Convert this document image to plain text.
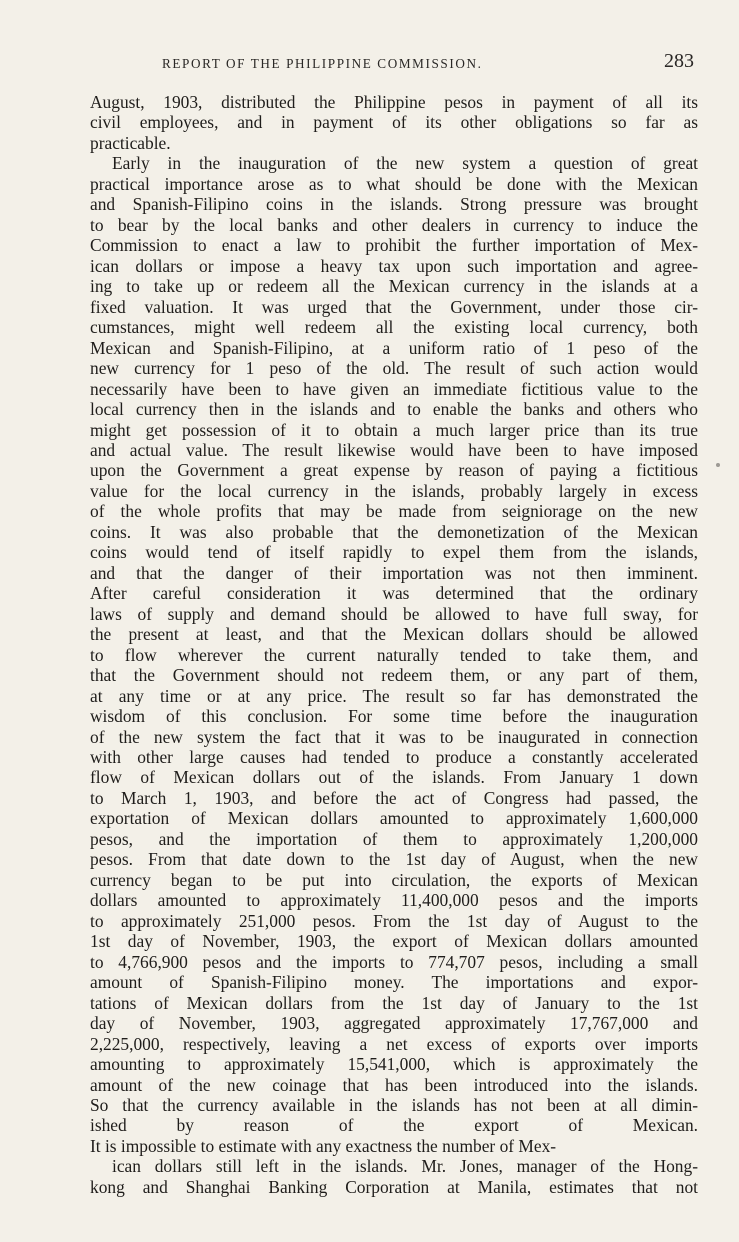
REPORT OF THE PHILIPPINE COMMISSION.	283
August, 1903, distributed the Philippine pesos in payment of all its
civil employees, and in payment of its other obligations so far as
practicable.
Early in the inauguration of the new system a question of great
practical importance arose as to what should be done with the Mexican
and Spanish-Filipino coins in the islands. Strong pressure was brought
to bear by the local banks and other dealers in currency to induce the
Commission to enact a law to prohibit the further importation of Mex-
ican dollars or impose a heavy tax upon such importation and agree-
ing to take up or redeem all the Mexican currency in the islands at a
fixed valuation. It was urged that the Government, under those cir-
cumstances, might well redeem all the existing local currency, both
Mexican and Spanish-Filipino, at a uniform ratio of 1 peso of the
new currency for 1 peso of the old. The result of such action would
necessarily have been to have given an immediate fictitious value to the
local currency then in the islands and to enable the banks and others who
might get possession of it to obtain a much larger price than its true
and actual value. The result likewise would have been to have imposed
upon the Government a great expense by reason of paying a fictitious
value for the local currency in the islands, probably largely in excess
of the whole profits that may be made from seigniorage on the new
coins. It was also probable that the demonetization of the Mexican
coins would tend of itself rapidly to expel them from the islands,
and that the danger of their importation was not then imminent.
After careful consideration it was determined that the ordinary
laws of supply and demand should be allowed to have full sway, for
the present at least, and that the Mexican dollars should be allowed
to flow wherever the current naturally tended to take them, and
that the Government should not redeem them, or any part of them,
at any time or at any price. The result so far has demonstrated the
wisdom of this conclusion. For some time before the inauguration
of the new system the fact that it was to be inaugurated in connection
with other large causes had tended to produce a constantly accelerated
flow of Mexican dollars out of the islands. From January 1 down
to March 1, 1903, and before the act of Congress had passed, the
exportation of Mexican dollars amounted to approximately 1,600,000
pesos, and the importation of them to approximately 1,200,000
pesos. From that date down to the 1st day of August, when the new
currency began to be put into circulation, the exports of Mexican
dollars amounted to approximately 11,400,000 pesos and the imports
to approximately 251,000 pesos. From the 1st day of August to the
1st day of November, 1903, the export of Mexican dollars amounted
to 4,766,900 pesos and the imports to 774,707 pesos, including a small
amount of Spanish-Filipino money. The importations and expor-
tations of Mexican dollars from the 1st day of January to the 1st
day of November, 1903, aggregated approximately 17,767,000 and
2,225,000, respectively, leaving a net excess of exports over imports
amounting to approximately 15,541,000, which is approximately the
amount of the new coinage that has been introduced into the islands.
So that the currency available in the islands has not been at all dimin-
ished by reason of the export of Mexican.
It is impossible to estimate with any exactness the number of Mex-
ican dollars still left in the islands. Mr. Jones, manager of the Hong-
kong and Shanghai Banking Corporation at Manila, estimates that not
